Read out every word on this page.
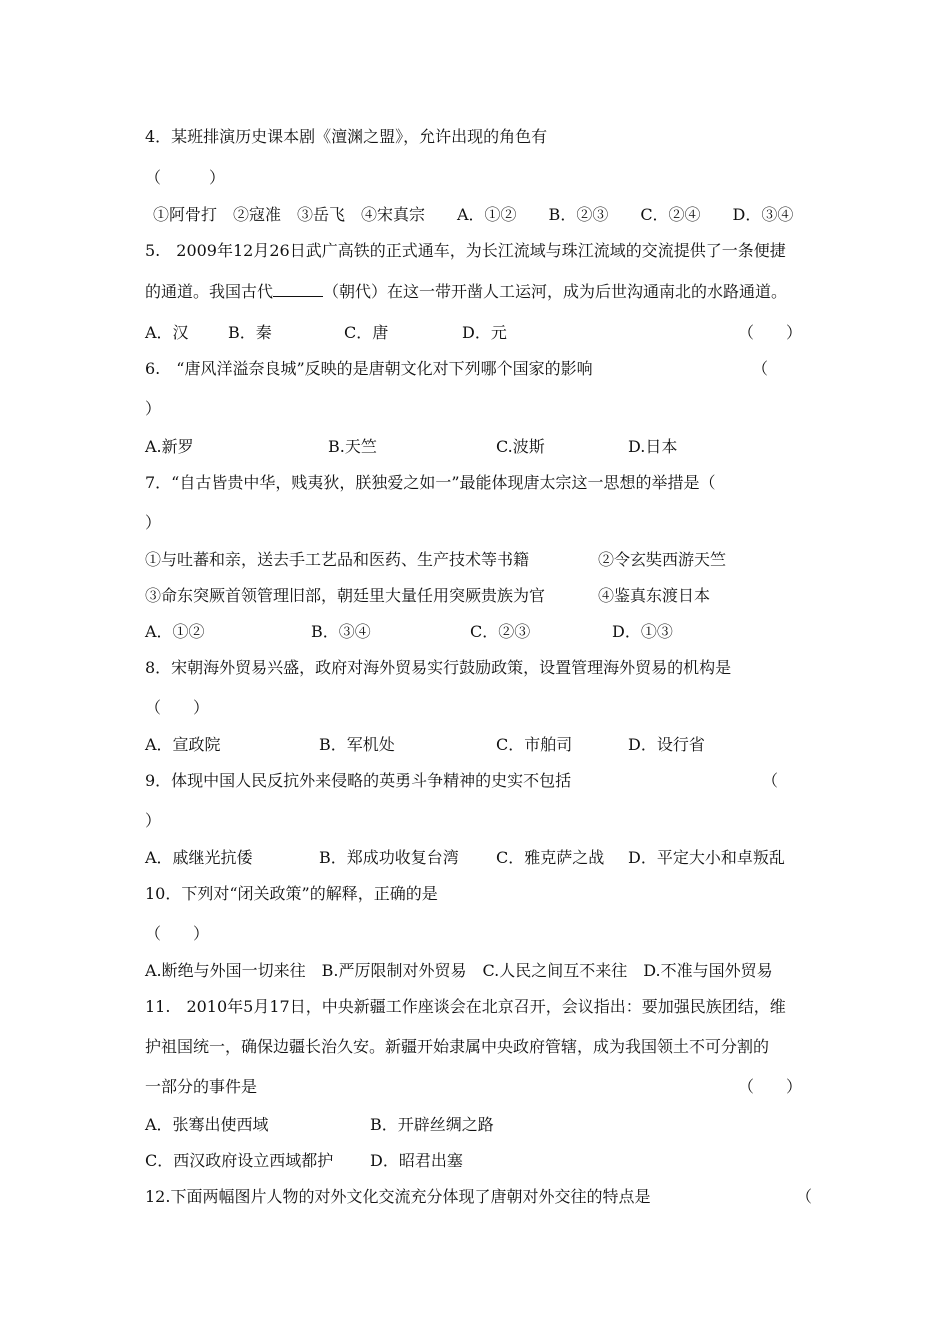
4．某班排演历史课本剧《澶渊之盟》，允许出现的角色有
（　　　）
①阿骨打　②寇准　③岳飞　④宋真宗　　A．①②　　B．②③　　C．②④　　D．③④
5.　2009年12月26日武广高铁的正式通车，为长江流域与珠江流域的交流提供了一条便捷
的通道。我国古代	（朝代）在这一带开凿人工运河，成为后世沟通南北的水路通道。
A．汉 B．秦	C．唐	D．元	（　　）
6.　“唐风洋溢奈良城”反映的是唐朝文化对下列哪个国家的影响	（
）
A.新罗	B.天竺	C.波斯	D.日本
7．“自古皆贵中华，贱夷狄，朕独爱之如一”最能体现唐太宗这一思想的举措是（
）
①与吐蕃和亲，送去手工艺品和医药、生产技术等书籍	②令玄奘西游天竺
③命东突厥首领管理旧部，朝廷里大量任用突厥贵族为官	④鉴真东渡日本
A．①②	B．③④	C．②③	D．①③
8．宋朝海外贸易兴盛，政府对海外贸易实行鼓励政策，设置管理海外贸易的机构是
（　　）
A．宣政院	B．军机处	C．市舶司	D．设行省
9．体现中国人民反抗外来侵略的英勇斗争精神的史实不包括	（
）
A．戚继光抗倭	B．郑成功收复台湾 C．雅克萨之战 D．平定大小和卓叛乱
10．下列对“闭关政策”的解释，正确的是
（　　）
A.断绝与外国一切来往　B.严厉限制对外贸易　C.人民之间互不来往　D.不准与国外贸易
11.　2010年5月17日，中央新疆工作座谈会在北京召开，会议指出：要加强民族团结，维
护祖国统一，确保边疆长治久安。新疆开始隶属中央政府管辖，成为我国领土不可分割的
一部分的事件是	（　　）
A．张骞出使西域	B．开辟丝绸之路
C．西汉政府设立西域都护 D．昭君出塞
12.下面两幅图片人物的对外文化交流充分体现了唐朝对外交往的特点是	（
